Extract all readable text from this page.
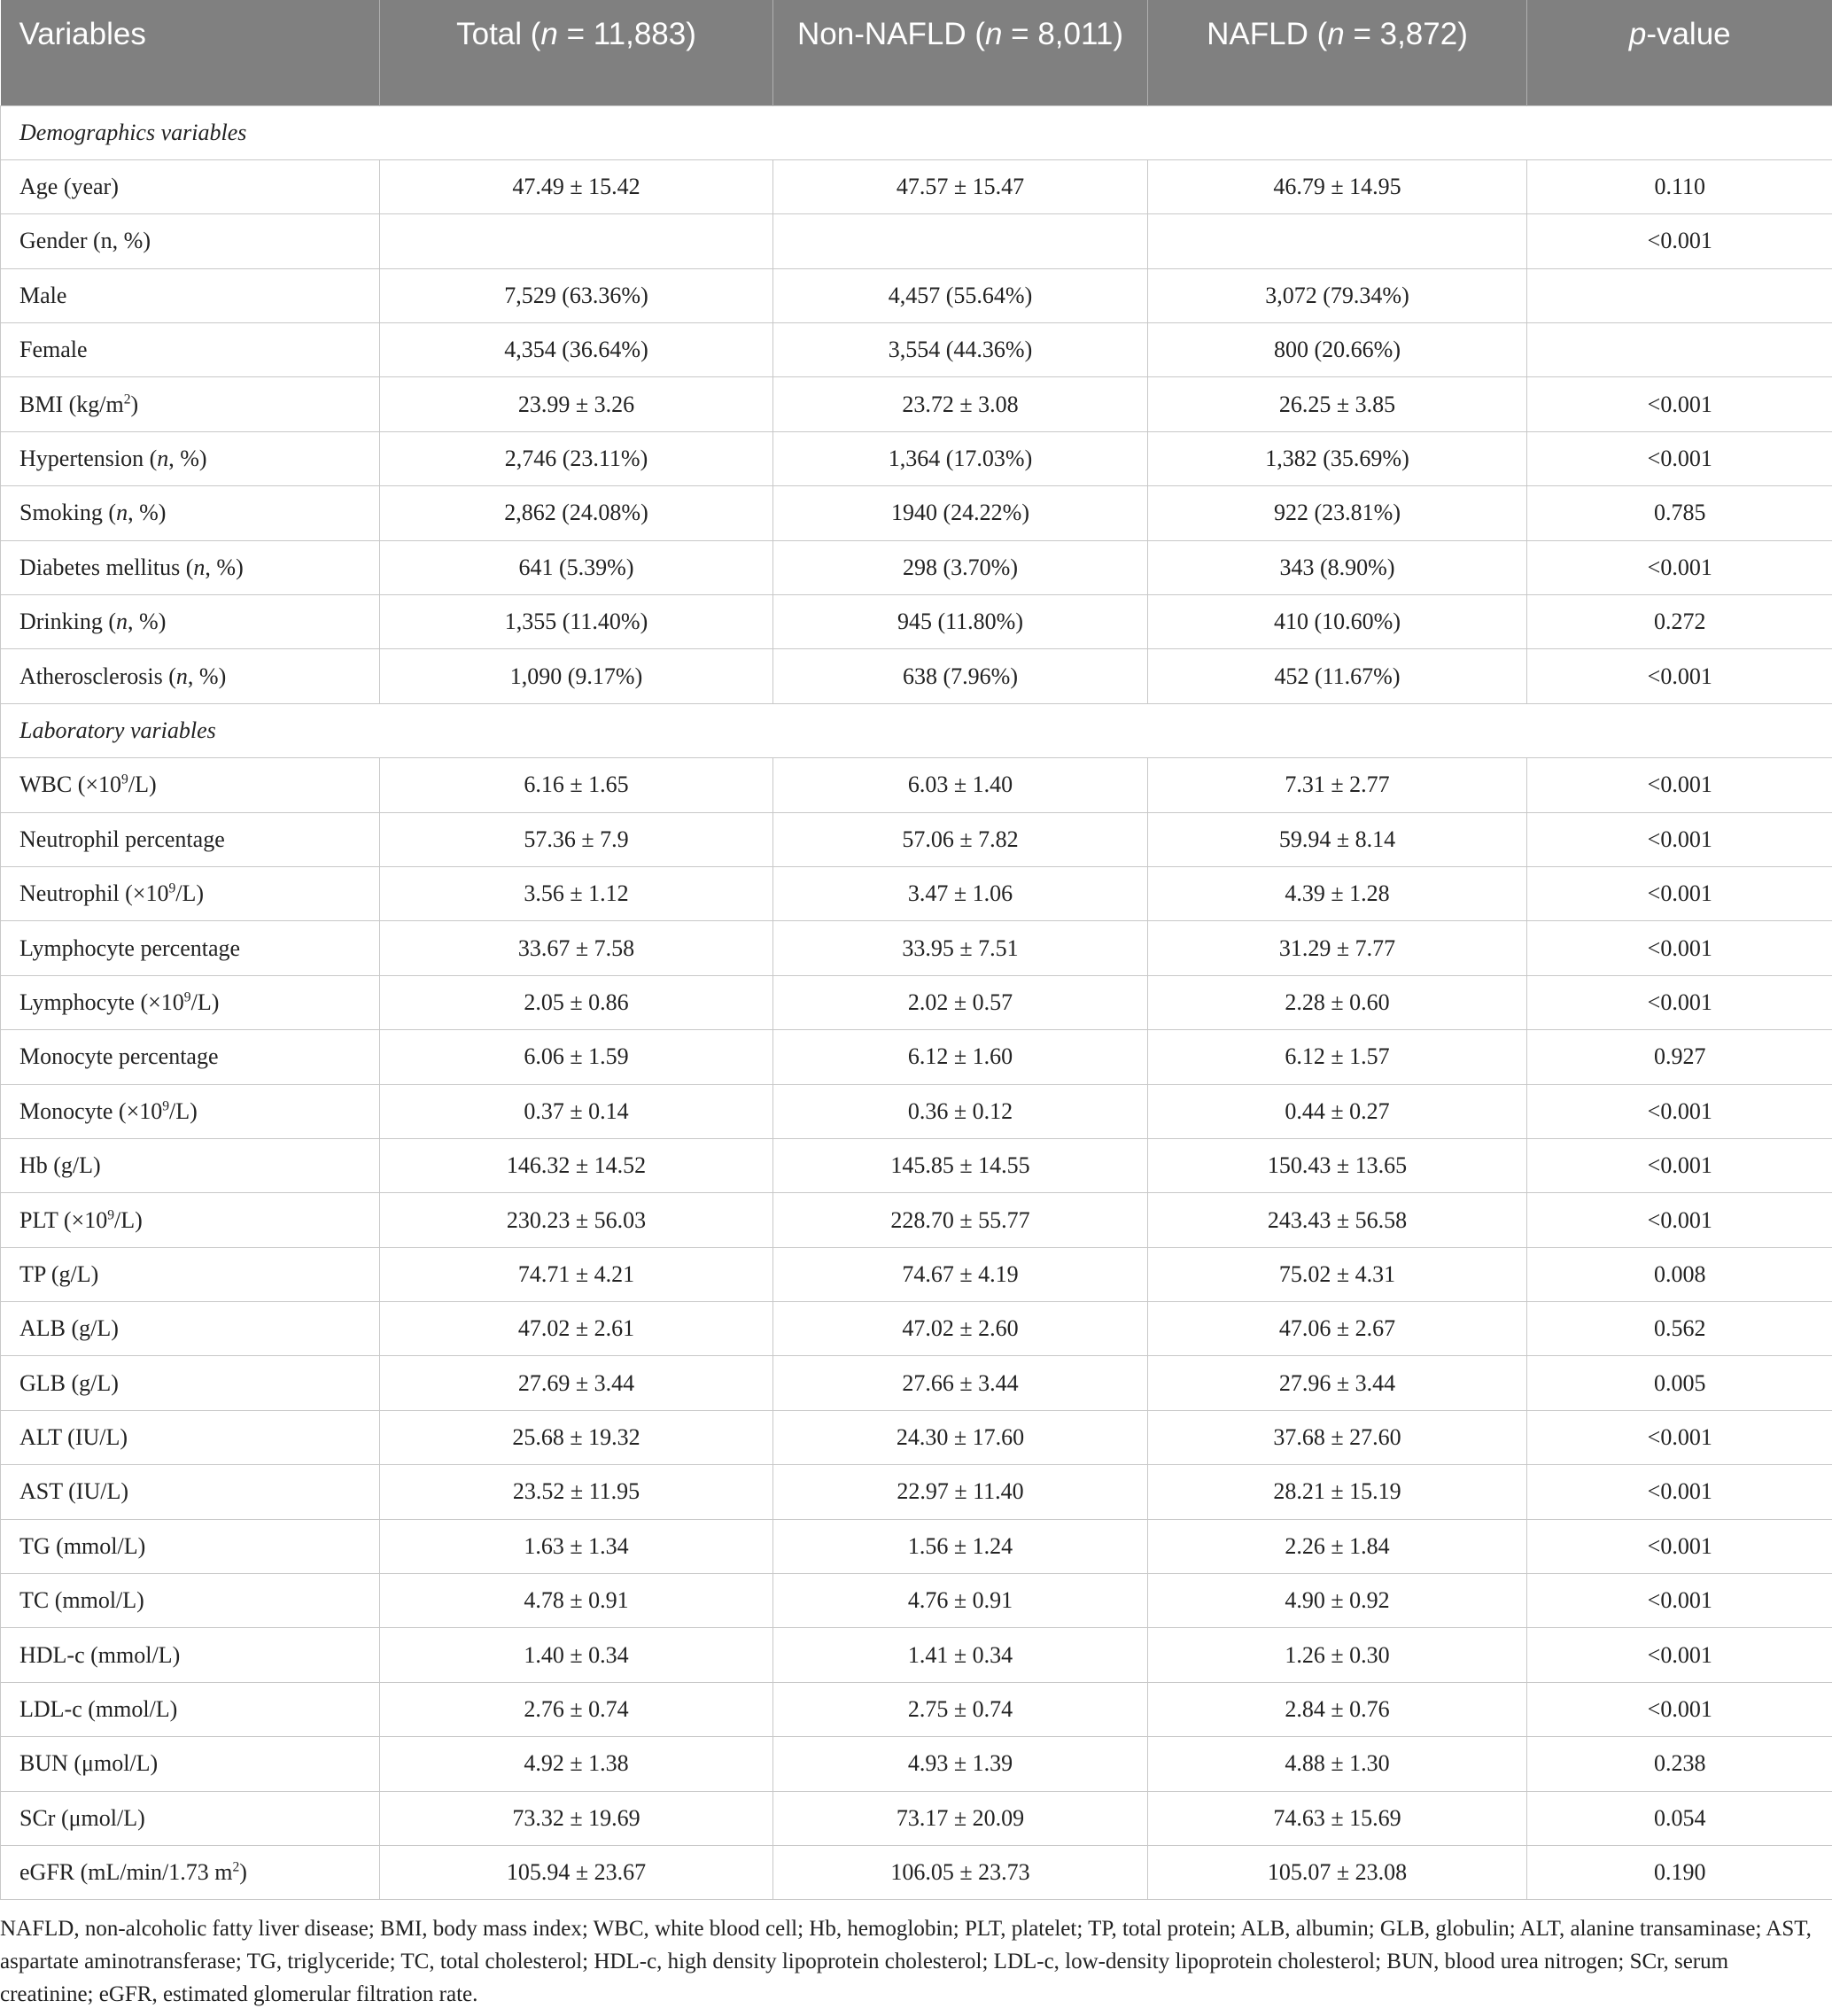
Variables	Total (n = 11,883)	Non-NAFLD (n = 8,011)	NAFLD (n = 3,872)	p-value
Demographics variables				
Age (year)	47.49 ± 15.42	47.57 ± 15.47	46.79 ± 14.95	0.110
Gender (n, %)				<0.001
Male	7,529 (63.36%)	4,457 (55.64%)	3,072 (79.34%)	
Female	4,354 (36.64%)	3,554 (44.36%)	800 (20.66%)	
BMI $(kg/m^2)$	23.99 ± 3.26	23.72 ± 3.08	26.25 ± 3.85	<0.001
Hypertension (n, %)	2,746 (23.11%)	1,364 (17.03%)	1,382 (35.69%)	<0.001
Smoking (n, %)	2,862 (24.08%)	1940 (24.22%)	922 (23.81%)	0.785
Diabetes mellitus (n, %)	641 (5.39%)	298 (3.70%)	343 (8.90%)	<0.001
Drinking (n, %)	1,355 (11.40%)	945 (11.80%)	410 (10.60%)	0.272
Atherosclerosis (n, %)	1,090 (9.17%)	638 (7.96%)	452 (11.67%)	<0.001
Laboratory variables				
WBC $(\times 10^9/L)$	6.16 ± 1.65	6.03 ± 1.40	7.31 ± 2.77	<0.001
Neutrophil percentage	57.36 ± 7.9	57.06 ± 7.82	59.94 ± 8.14	<0.001
Neutrophil $(\times 10^9/L)$	3.56 ± 1.12	3.47 ± 1.06	4.39 ± 1.28	<0.001
Lymphocyte percentage	33.67 ± 7.58	33.95 ± 7.51	31.29 ± 7.77	<0.001
Lymphocyte $(\times 10^9/L)$	2.05 ± 0.86	2.02 ± 0.57	2.28 ± 0.60	<0.001
Monocyte percentage	6.06 ± 1.59	6.12 ± 1.60	6.12 ± 1.57	0.927
Monocyte $(\times 10^9/L)$	0.37 ± 0.14	0.36 ± 0.12	0.44 ± 0.27	<0.001
Hb (g/L)	146.32 ± 14.52	145.85 ± 14.55	150.43 ± 13.65	<0.001
PLT $(\times 10^9/L)$	230.23 ± 56.03	228.70 ± 55.77	243.43 ± 56.58	<0.001
TP (g/L)	74.71 ± 4.21	74.67 ± 4.19	75.02 ± 4.31	0.008
ALB (g/L)	47.02 ± 2.61	47.02 ± 2.60	47.06 ± 2.67	0.562
GLB (g/L)	27.69 ± 3.44	27.66 ± 3.44	27.96 ± 3.44	0.005
ALT (IU/L)	25.68 ± 19.32	24.30 ± 17.60	37.68 ± 27.60	<0.001
AST (IU/L)	23.52 ± 11.95	22.97 ± 11.40	28.21 ± 15.19	<0.001
TG (mmol/L)	1.63 ± 1.34	1.56 ± 1.24	2.26 ± 1.84	<0.001
TC (mmol/L)	4.78 ± 0.91	4.76 ± 0.91	4.90 ± 0.92	<0.001
HDL-c (mmol/L)	1.40 ± 0.34	1.41 ± 0.34	1.26 ± 0.30	<0.001
LDL-c (mmol/L)	2.76 ± 0.74	2.75 ± 0.74	2.84 ± 0.76	<0.001
BUN (μmol/L)	4.92 ± 1.38	4.93 ± 1.39	4.88 ± 1.30	0.238
SCr (μmol/L)	73.32 ± 19.69	73.17 ± 20.09	74.63 ± 15.69	0.054
eGFR (mL/min/1.73 $m^2$)	105.94 ± 23.67	106.05 ± 23.73	105.07 ± 23.08	0.190
NAFLD, non-alcoholic fatty liver disease; BMI, body mass index; WBC, white blood cell; Hb, hemoglobin; PLT, platelet; TP, total protein; ALB, albumin; GLB, globulin; ALT, alanine transaminase; AST, aspartate aminotransferase; TG, triglyceride; TC, total cholesterol; HDL-c, high density lipoprotein cholesterol; LDL-c, low-density lipoprotein cholesterol; BUN, blood urea nitrogen; SCr, serum creatinine; eGFR, estimated glomerular filtration rate.
